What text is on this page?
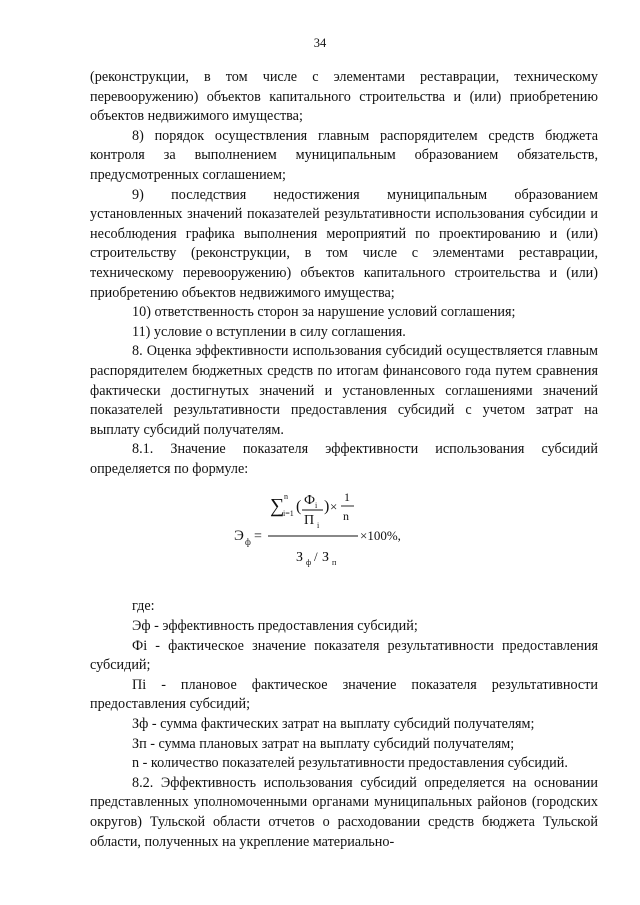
34

(реконструкции, в том числе с элементами реставрации, техническому перевооружению) объектов капитального строительства и (или) приобретению объектов недвижимого имущества;

8) порядок осуществления главным распорядителем средств бюджета контроля за выполнением муниципальным образованием обязательств, предусмотренных соглашением;

9) последствия недостижения муниципальным образованием установленных значений показателей результативности использования субсидии и несоблюдения графика выполнения мероприятий по проектированию и (или) строительству (реконструкции, в том числе с элементами реставрации, техническому перевооружению) объектов капитального строительства и (или) приобретению объектов недвижимого имущества;

10) ответственность сторон за нарушение условий соглашения;

11) условие о вступлении в силу соглашения.

8. Оценка эффективности использования субсидий осуществляется главным распорядителем бюджетных средств по итогам финансового года путем сравнения фактически достигнутых значений и установленных соглашениями значений показателей результативности предоставления субсидий с учетом затрат на выплату субсидий получателям.

8.1. Значение показателя эффективности использования субсидий определяется по формуле:

Э ф =
∑ n
i=1 ( Ф i
П i
) ×
1
n
×100%,
З ф / З п

где:

Эф - эффективность предоставления субсидий;

Фi - фактическое значение показателя результативности предоставления субсидий;

Пi - плановое фактическое значение показателя результативности предоставления субсидий;

Зф - сумма фактических затрат на выплату субсидий получателям;

Зп - сумма плановых затрат на выплату субсидий получателям;

n - количество показателей результативности предоставления субсидий.

8.2. Эффективность использования субсидий определяется на основании представленных уполномоченными органами муниципальных районов (городских округов) Тульской области отчетов о расходовании средств бюджета Тульской области, полученных на укрепление материально-
